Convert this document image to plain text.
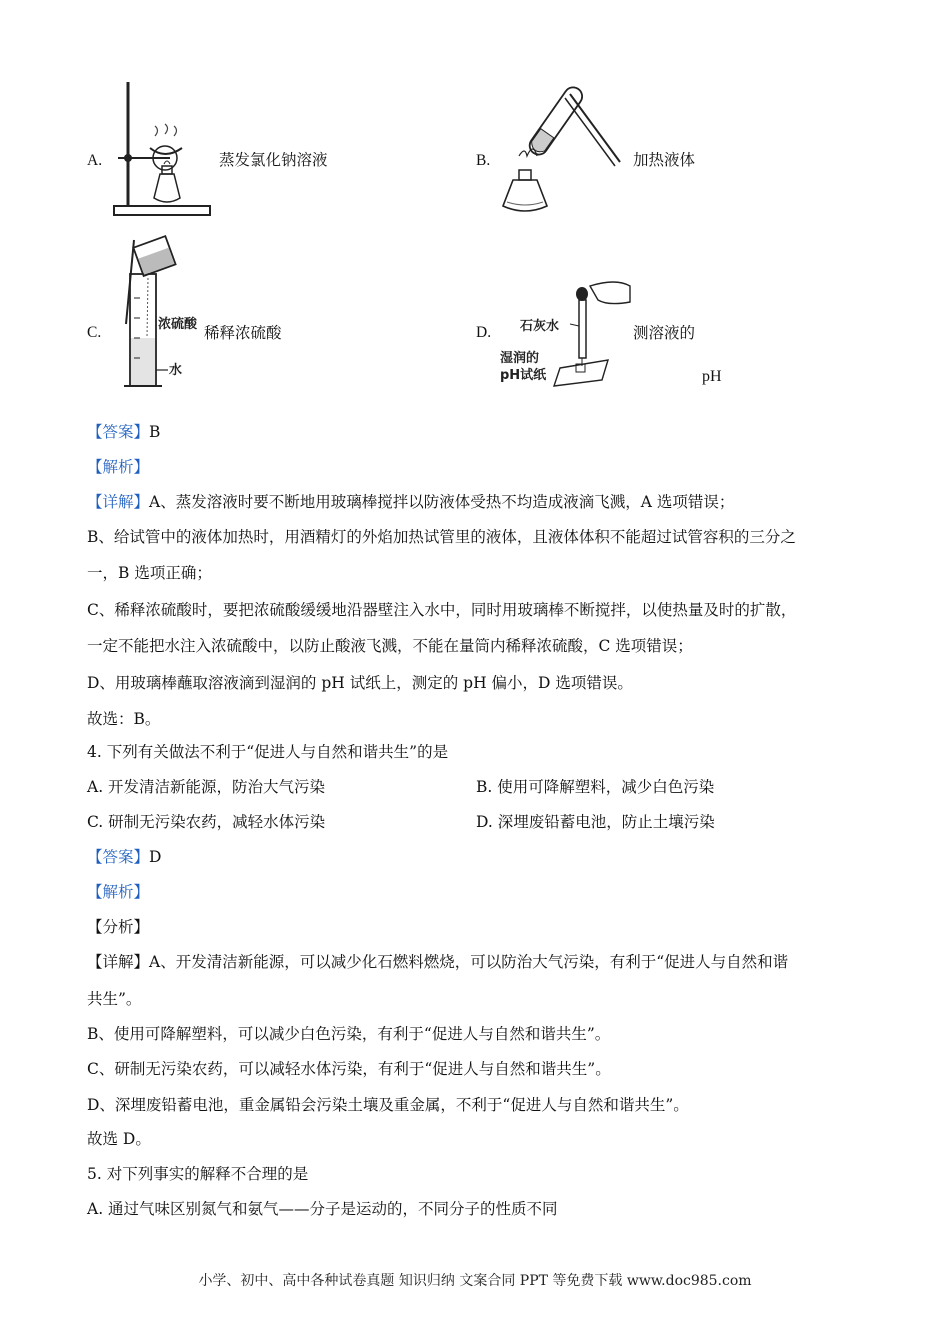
A.	蒸发氯化钠溶液	B.	加热液体
C.	浓硫酸
水
稀释浓硫酸	D. 石灰水
湿润的
pH试纸
测溶液的
pH
【答案】B
【解析】
【详解】A、蒸发溶液时要不断地用玻璃棒搅拌以防液体受热不均造成液滴飞溅，A 选项错误；
B、给试管中的液体加热时，用酒精灯的外焰加热试管里的液体，且液体体积不能超过试管容积的三分之
一，B 选项正确；
C、稀释浓硫酸时，要把浓硫酸缓缓地沿器壁注入水中，同时用玻璃棒不断搅拌，以使热量及时的扩散，
一定不能把水注入浓硫酸中，以防止酸液飞溅，不能在量筒内稀释浓硫酸，C 选项错误；
D、用玻璃棒蘸取溶液滴到湿润的 pH 试纸上，测定的 pH 偏小，D 选项错误。
故选：B。
4. 下列有关做法不利于“促进人与自然和谐共生”的是
A. 开发清洁新能源，防治大气污染	B. 使用可降解塑料，减少白色污染
C. 研制无污染农药，减轻水体污染	D. 深埋废铅蓄电池，防止土壤污染
【答案】D
【解析】
【分析】
【详解】A、开发清洁新能源，可以减少化石燃料燃烧，可以防治大气污染，有利于“促进人与自然和谐
共生”。
B、使用可降解塑料，可以减少白色污染，有利于“促进人与自然和谐共生”。
C、研制无污染农药，可以减轻水体污染，有利于“促进人与自然和谐共生”。
D、深埋废铅蓄电池，重金属铅会污染土壤及重金属，不利于“促进人与自然和谐共生”。
故选 D。
5. 对下列事实的解释不合理的是
A. 通过气味区别氮气和氨气——分子是运动的，不同分子的性质不同
小学、初中、高中各种试卷真题 知识归纳 文案合同 PPT 等免费下载 www.doc985.com
